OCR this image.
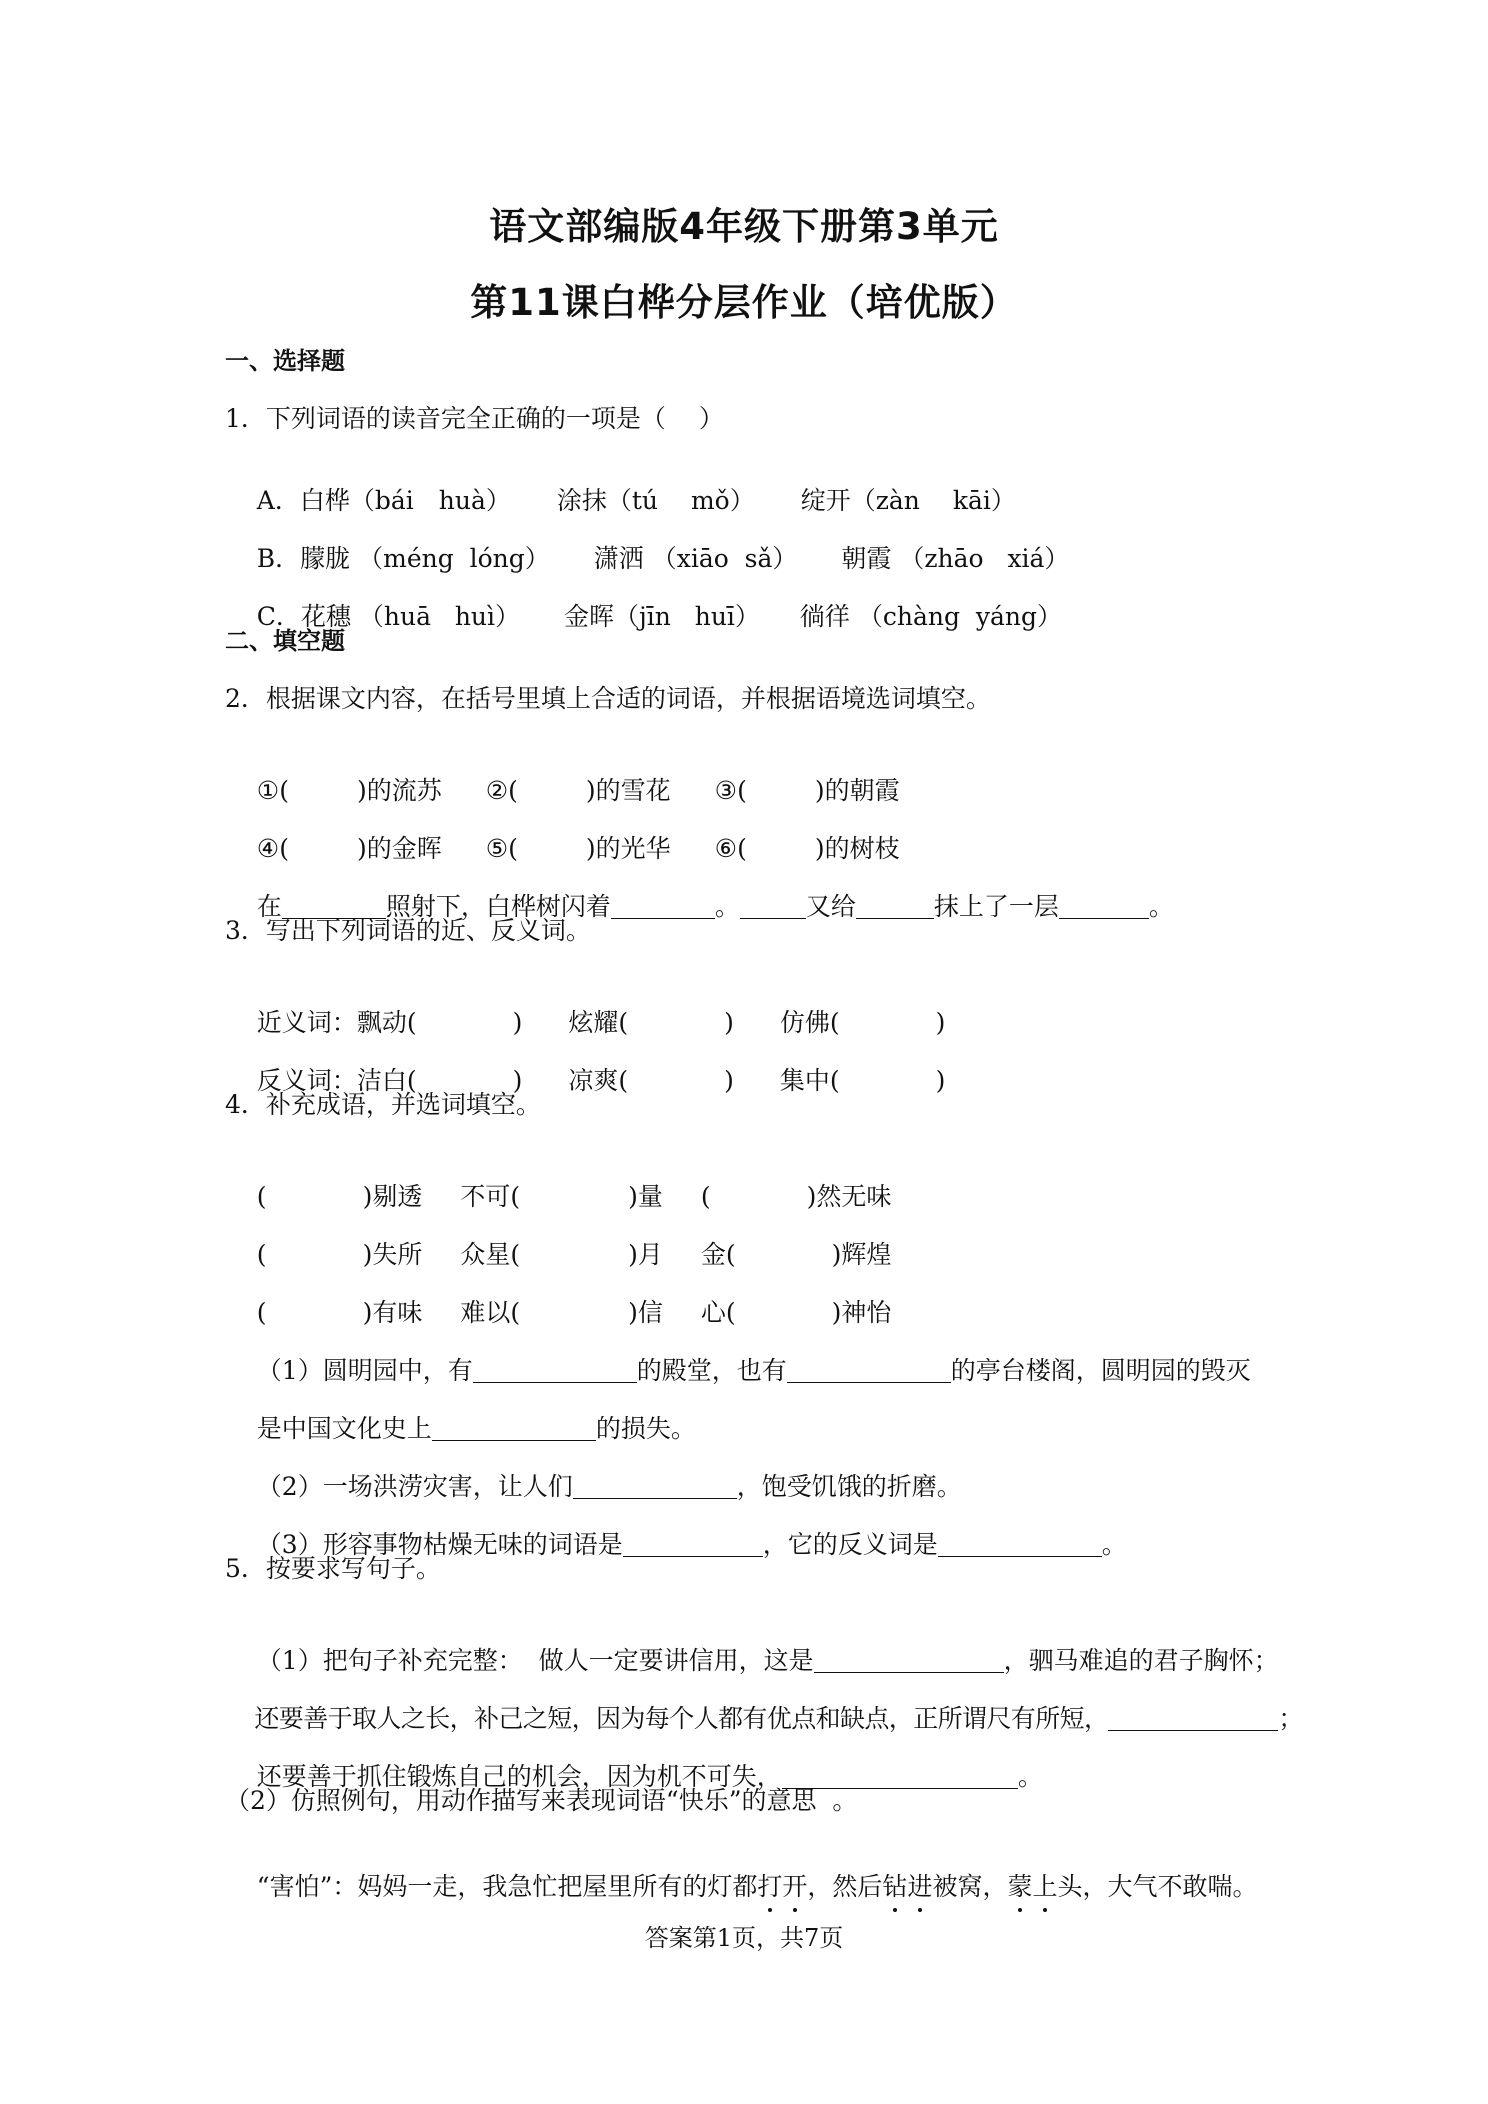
语文部编版4年级下册第3单元
第11课白桦分层作业（培优版）
一、选择题
1．下列词语的读音完全正确的一项是（　 ）

A．白桦（bái　huà） 涂抹（tú　 mǒ） 绽开（zàn　 kāi）

B．朦胧 （méng  lóng） 潇洒 （xiāo  sǎ） 朝霞 （zhāo   xiá）

C．花穗 （huā   huì） 金晖（jīn   huī） 徜徉 （chàng  yáng）

二、填空题
2．根据课文内容，在括号里填上合适的词语，并根据语境选词填空。

①(	)的流苏 ②(	)的雪花 ③(	)的朝霞

④(	)的金晖 ⑤(	)的光华 ⑥(	)的树枝

在	照射下，白桦树闪着	。	又给	抹上了一层	。

3．写出下列词语的近、反义词。

近义词：飘动(	) 炫耀(	) 仿佛(	)

反义词：洁白(	) 凉爽(	) 集中(	)

4．补充成语，并选词填空。

(	)剔透 不可(	)量 (	)然无味

(	)失所 众星(	)月 金(	)辉煌

(	)有味 难以(	)信 心(	)神怡

（1）圆明园中，有	的殿堂，也有	的亭台楼阁，圆明园的毁灭

是中国文化史上	的损失。

（2）一场洪涝灾害，让人们	，饱受饥饿的折磨。

（3）形容事物枯燥无味的词语是	，它的反义词是	。

5．按要求写句子。

（1）把句子补充完整：  做人一定要讲信用，这是	，驷马难追的君子胸怀；

还要善于取人之长，补己之短，因为每个人都有优点和缺点，正所谓尺有所短，	；

还要善于抓住锻炼自己的机会，因为机不可失，	。

（2）仿照例句，用动作描写来表现词语“快乐”的意思  。

“害怕”：妈妈一走，我急忙把屋里所有的灯都打开，然后钻进被窝，蒙上头，大气不敢喘。

答案第1页，共7页
